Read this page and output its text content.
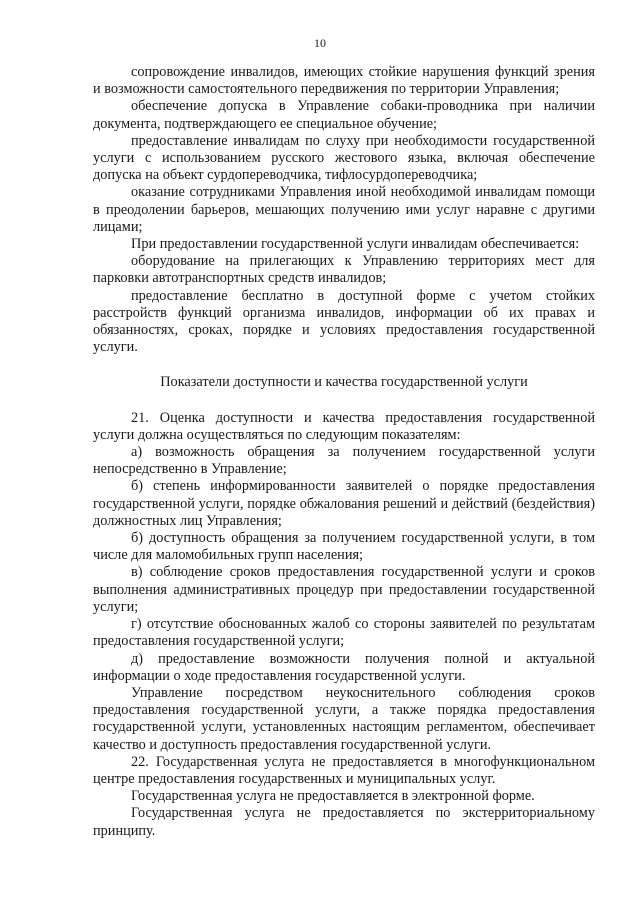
10

сопровождение инвалидов, имеющих стойкие нарушения функций зрения и возможности самостоятельного передвижения по территории Управления;

обеспечение допуска в Управление собаки-проводника при наличии документа, подтверждающего ее специальное обучение;

предоставление инвалидам по слуху при необходимости государственной услуги с использованием русского жестового языка, включая обеспечение допуска на объект сурдопереводчика, тифлосурдопереводчика;

оказание сотрудниками Управления иной необходимой инвалидам помощи в преодолении барьеров, мешающих получению ими услуг наравне с другими лицами;

При предоставлении государственной услуги инвалидам обеспечивается:

оборудование на прилегающих к Управлению территориях мест для парковки автотранспортных средств инвалидов;

предоставление бесплатно в доступной форме с учетом стойких расстройств функций организма инвалидов, информации об их правах и обязанностях, сроках, порядке и условиях предоставления государственной услуги.

Показатели доступности и качества государственной услуги

21. Оценка доступности и качества предоставления государственной услуги должна осуществляться по следующим показателям:

а) возможность обращения за получением государственной услуги непосредственно в Управление;

б) степень информированности заявителей о порядке предоставления государственной услуги, порядке обжалования решений и действий (бездействия) должностных лиц Управления;

б) доступность обращения за получением государственной услуги, в том числе для маломобильных групп населения;

в) соблюдение сроков предоставления государственной услуги и сроков выполнения административных процедур при предоставлении государственной услуги;

г) отсутствие обоснованных жалоб со стороны заявителей по результатам предоставления государственной услуги;

д) предоставление возможности получения полной и актуальной информации о ходе предоставления государственной услуги.

Управление посредством неукоснительного соблюдения сроков предоставления государственной услуги, а также порядка предоставления государственной услуги, установленных настоящим регламентом, обеспечивает качество и доступность предоставления государственной услуги.

22. Государственная услуга не предоставляется в многофункциональном центре предоставления государственных и муниципальных услуг.

Государственная услуга не предоставляется в электронной форме.

Государственная услуга не предоставляется по экстерриториальному принципу.
